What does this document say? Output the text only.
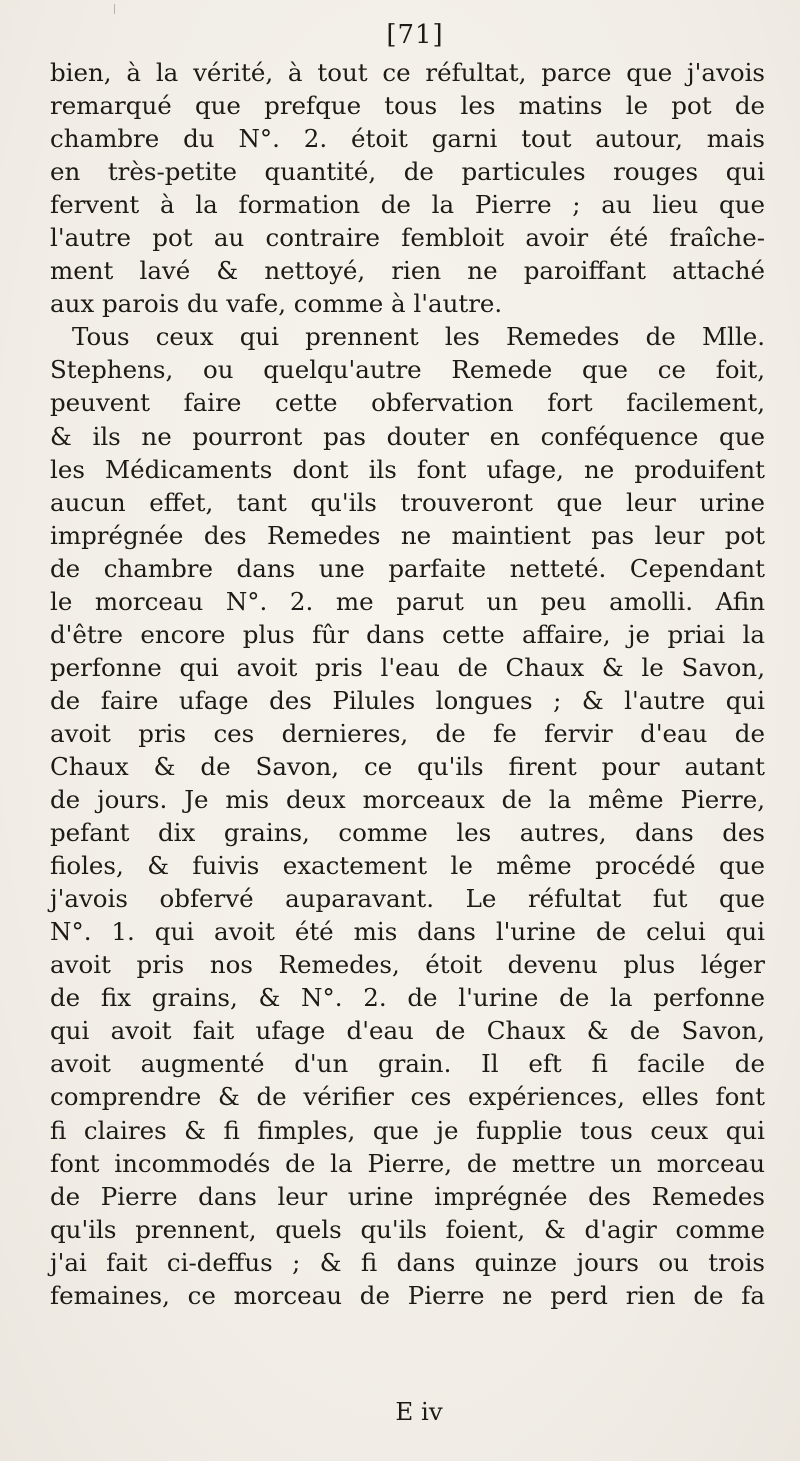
[71]
bien, à la vérité, à tout ce réfultat, parce que j'avois
remarqué que prefque tous les matins le pot de
chambre du N°. 2. étoit garni tout autour, mais
en très-petite quantité, de particules rouges qui
fervent à la formation de la Pierre ; au lieu que
l'autre pot au contraire fembloit avoir été fraîche-
ment lavé & nettoyé, rien ne paroiffant attaché
aux parois du vafe, comme à l'autre.
Tous ceux qui prennent les Remedes de Mlle.
Stephens, ou quelqu'autre Remede que ce foit,
peuvent faire cette obfervation fort facilement,
& ils ne pourront pas douter en conféquence que
les Médicaments dont ils font ufage, ne produifent
aucun effet, tant qu'ils trouveront que leur urine
imprégnée des Remedes ne maintient pas leur pot
de chambre dans une parfaite netteté. Cependant
le morceau N°. 2. me parut un peu amolli. Afin
d'être encore plus fûr dans cette affaire, je priai la
perfonne qui avoit pris l'eau de Chaux & le Savon,
de faire ufage des Pilules longues ; & l'autre qui
avoit pris ces dernieres, de fe fervir d'eau de
Chaux & de Savon, ce qu'ils firent pour autant
de jours. Je mis deux morceaux de la même Pierre,
pefant dix grains, comme les autres, dans des
fioles, & fuivis exactement le même procédé que
j'avois obfervé auparavant. Le réfultat fut que
N°. 1. qui avoit été mis dans l'urine de celui qui
avoit pris nos Remedes, étoit devenu plus léger
de fix grains, & N°. 2. de l'urine de la perfonne
qui avoit fait ufage d'eau de Chaux & de Savon,
avoit augmenté d'un grain. Il eft fi facile de
comprendre & de vérifier ces expériences, elles font
fi claires & fi fimples, que je fupplie tous ceux qui
font incommodés de la Pierre, de mettre un morceau
de Pierre dans leur urine imprégnée des Remedes
qu'ils prennent, quels qu'ils foient, & d'agir comme
j'ai fait ci-deffus ; & fi dans quinze jours ou trois
femaines, ce morceau de Pierre ne perd rien de fa
E iv
